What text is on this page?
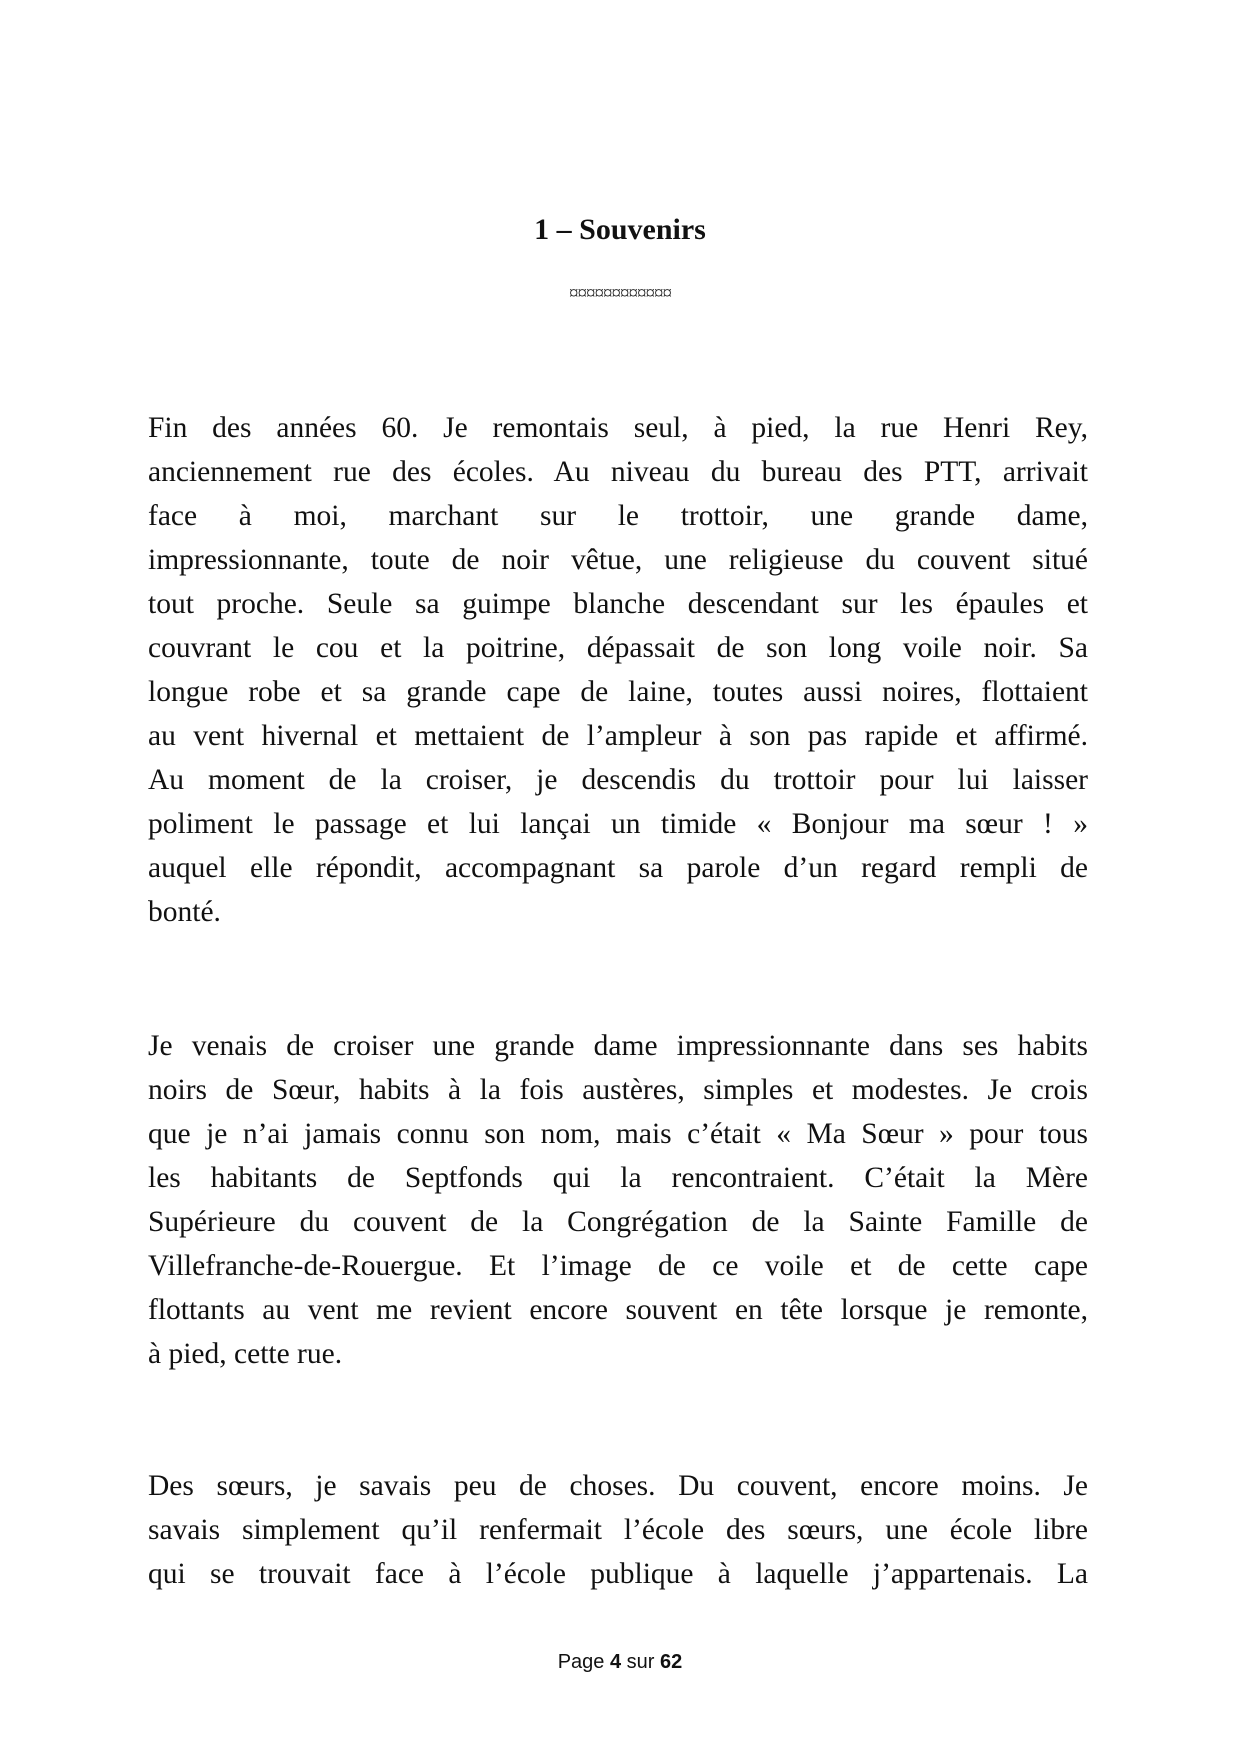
1 – Souvenirs
¤¤¤¤¤¤¤¤¤¤¤¤
Fin des années 60. Je remontais seul, à pied, la rue Henri Rey,
anciennement rue des écoles. Au niveau du bureau des PTT, arrivait
face à moi, marchant sur le trottoir, une grande dame,
impressionnante, toute de noir vêtue, une religieuse du couvent situé
tout proche. Seule sa guimpe blanche descendant sur les épaules et
couvrant le cou et la poitrine, dépassait de son long voile noir. Sa
longue robe et sa grande cape de laine, toutes aussi noires, flottaient
au vent hivernal et mettaient de l’ampleur à son pas rapide et affirmé.
Au moment de la croiser, je descendis du trottoir pour lui laisser
poliment le passage et lui lançai un timide « Bonjour ma sœur ! »
auquel elle répondit, accompagnant sa parole d’un regard rempli de
bonté.
Je venais de croiser une grande dame impressionnante dans ses habits
noirs de Sœur, habits à la fois austères, simples et modestes. Je crois
que je n’ai jamais connu son nom, mais c’était « Ma Sœur » pour tous
les habitants de Septfonds qui la rencontraient. C’était la Mère
Supérieure du couvent de la Congrégation de la Sainte Famille de
Villefranche-de-Rouergue. Et l’image de ce voile et de cette cape
flottants au vent me revient encore souvent en tête lorsque je remonte,
à pied, cette rue.
Des sœurs, je savais peu de choses. Du couvent, encore moins. Je
savais simplement qu’il renfermait l’école des sœurs, une école libre
qui se trouvait face à l’école publique à laquelle j’appartenais. La
Page 4 sur 62
